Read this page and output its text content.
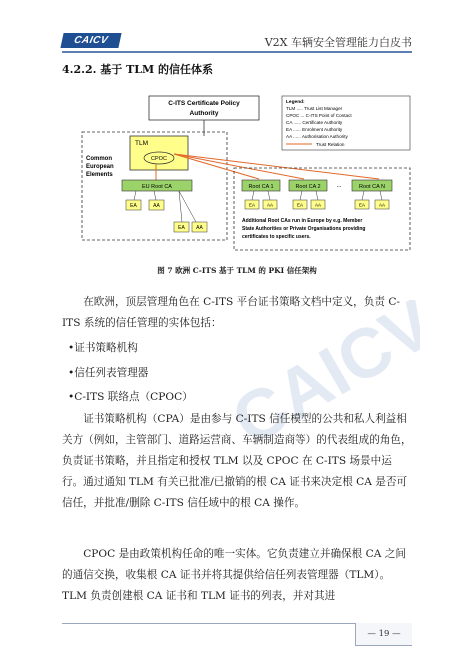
CAICV	V2X 车辆安全管理能力白皮书
4.2.2. 基于 TLM 的信任体系
CAICV
C-ITS Certificate Policy
Authority
Common
European
Elements
TLM
CPOC
EU Root CA
EA	AA
EA AA
Root CA 1	Root CA 2	...	Root CA N
EA	AA	EA	AA	EA	AA
Additional Root CAs run in Europe by e.g. Member
State Authorities or Private Organisations providing
certificates to specific users.
Legend:
TLM ..... Trust List Manager
CPOC ... C-ITS Point of Contact
CA ...... Certificate Authority
EA ...... Enrolment Authority
AA ...... Authorisation Authority
Trust Relation
图 7 欧洲 C-ITS 基于 TLM 的 PKI 信任架构
在欧洲，顶层管理角色在 C-ITS 平台证书策略文档中定义，负责 C-ITS 系统的信任管理的实体包括：
•证书策略机构
•信任列表管理器
•C-ITS 联络点（CPOC）
证书策略机构（CPA）是由参与 C-ITS 信任模型的公共和私人利益相关方（例如，主管部门、道路运营商、车辆制造商等）的代表组成的角色，负责证书策略，并且指定和授权 TLM 以及 CPOC 在 C-ITS 场景中运行。通过通知 TLM 有关已批准/已撤销的根 CA 证书来决定根 CA 是否可信任，并批准/删除 C-ITS 信任域中的根 CA 操作。
CPOC 是由政策机构任命的唯一实体。它负责建立并确保根 CA 之间的通信交换，收集根 CA 证书并将其提供给信任列表管理器（TLM）。TLM 负责创建根 CA 证书和 TLM 证书的列表，并对其进
— 19 —
